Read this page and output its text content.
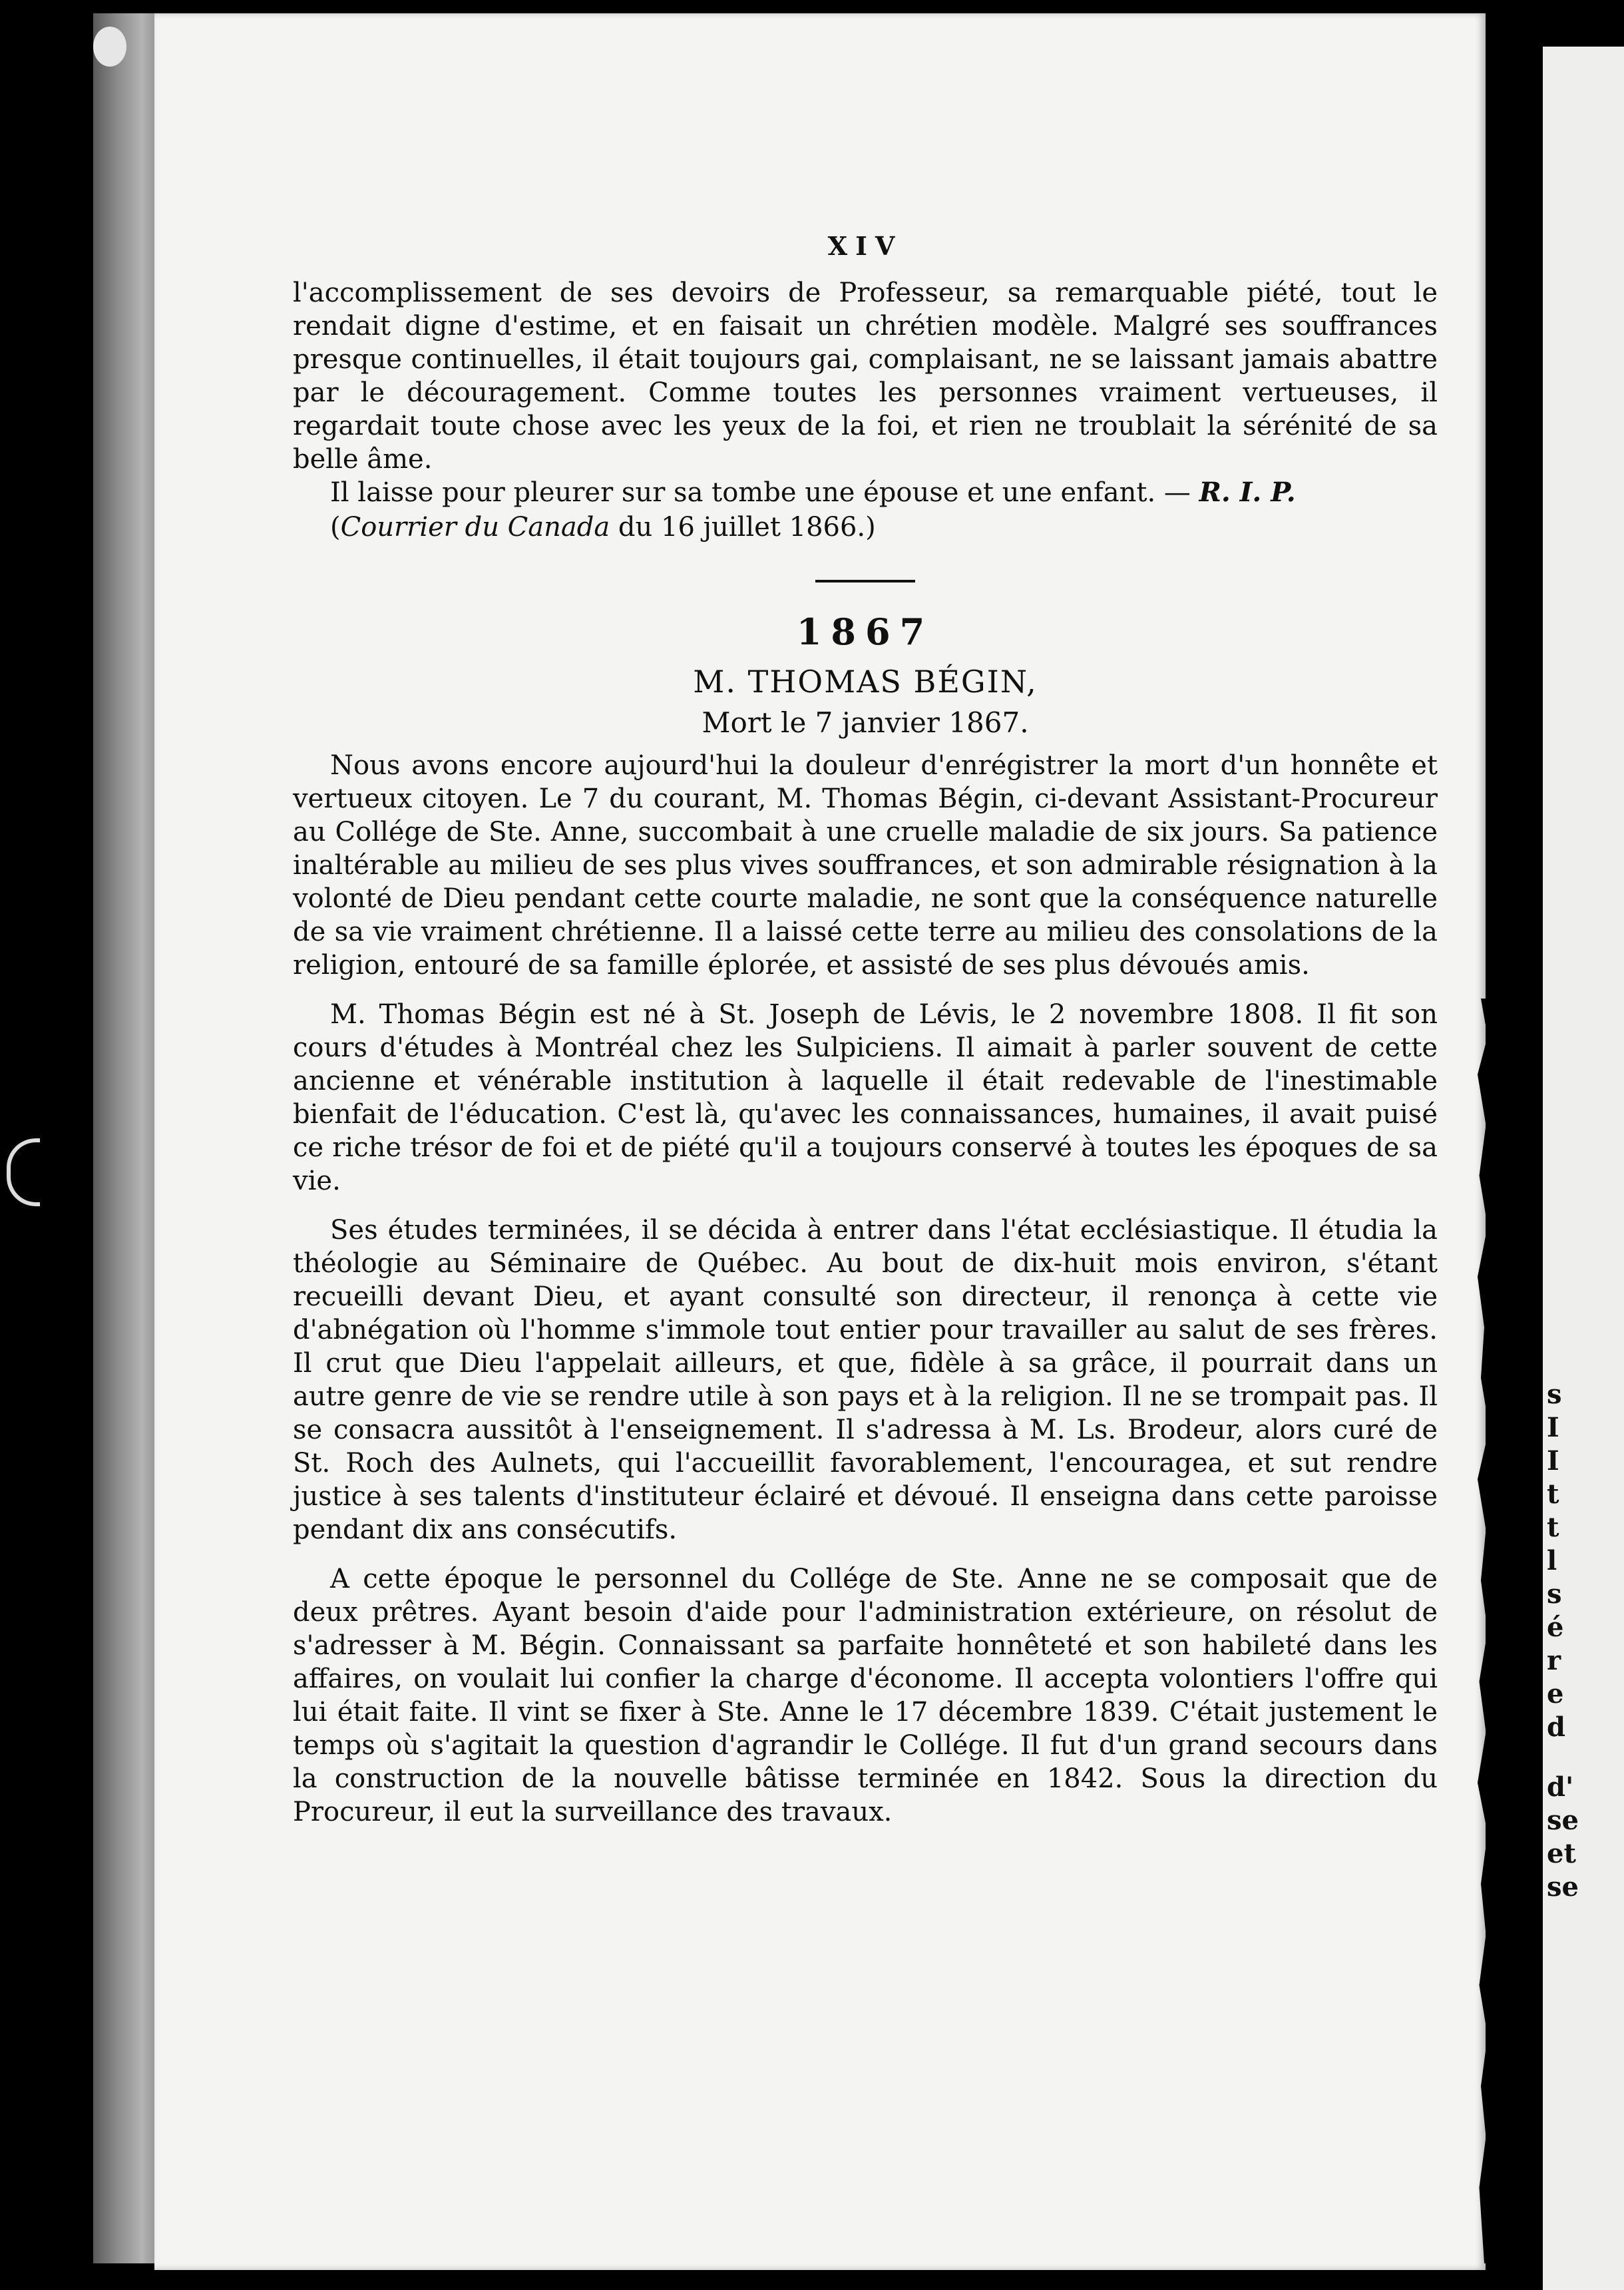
s
I
I
t
t
l
s
é
r
e
d
d'
se
et
se

XIV

l'accomplissement de ses devoirs de Professeur, sa remarquable piété, tout le rendait digne d'estime, et en faisait un chrétien modèle. Malgré ses souffrances presque continuelles, il était toujours gai, complaisant, ne se laissant jamais abattre par le découragement. Comme toutes les personnes vraiment vertueuses, il regardait toute chose avec les yeux de la foi, et rien ne troublait la sérénité de sa belle âme.

Il laisse pour pleurer sur sa tombe une épouse et une enfant. — R. I. P.

(Courrier du Canada du 16 juillet 1866.)

1867

M. THOMAS BÉGIN,

Mort le 7 janvier 1867.

Nous avons encore aujourd'hui la douleur d'enrégistrer la mort d'un honnête et vertueux citoyen. Le 7 du courant, M. Thomas Bégin, ci-devant Assistant-Procureur au Collége de Ste. Anne, succombait à une cruelle maladie de six jours. Sa patience inaltérable au milieu de ses plus vives souffrances, et son admirable résignation à la volonté de Dieu pendant cette courte maladie, ne sont que la conséquence naturelle de sa vie vraiment chrétienne. Il a laissé cette terre au milieu des consolations de la religion, entouré de sa famille éplorée, et assisté de ses plus dévoués amis.

M. Thomas Bégin est né à St. Joseph de Lévis, le 2 novembre 1808. Il fit son cours d'études à Montréal chez les Sulpiciens. Il aimait à parler souvent de cette ancienne et vénérable institution à laquelle il était redevable de l'inestimable bienfait de l'éducation. C'est là, qu'avec les connaissances, humaines, il avait puisé ce riche trésor de foi et de piété qu'il a toujours conservé à toutes les époques de sa vie.

Ses études terminées, il se décida à entrer dans l'état ecclésiastique. Il étudia la théologie au Séminaire de Québec. Au bout de dix-huit mois environ, s'étant recueilli devant Dieu, et ayant consulté son directeur, il renonça à cette vie d'abnégation où l'homme s'immole tout entier pour travailler au salut de ses frères. Il crut que Dieu l'appelait ailleurs, et que, fidèle à sa grâce, il pourrait dans un autre genre de vie se rendre utile à son pays et à la religion. Il ne se trompait pas. Il se consacra aussitôt à l'enseignement. Il s'adressa à M. Ls. Brodeur, alors curé de St. Roch des Aulnets, qui l'accueillit favorablement, l'encouragea, et sut rendre justice à ses talents d'instituteur éclairé et dévoué. Il enseigna dans cette paroisse pendant dix ans consécutifs.

A cette époque le personnel du Collége de Ste. Anne ne se composait que de deux prêtres. Ayant besoin d'aide pour l'administration extérieure, on résolut de s'adresser à M. Bégin. Connaissant sa parfaite honnêteté et son habileté dans les affaires, on voulait lui confier la charge d'économe. Il accepta volontiers l'offre qui lui était faite. Il vint se fixer à Ste. Anne le 17 décembre 1839. C'était justement le temps où s'agitait la question d'agrandir le Collége. Il fut d'un grand secours dans la construction de la nouvelle bâtisse terminée en 1842. Sous la direction du Procureur, il eut la surveillance des travaux.
